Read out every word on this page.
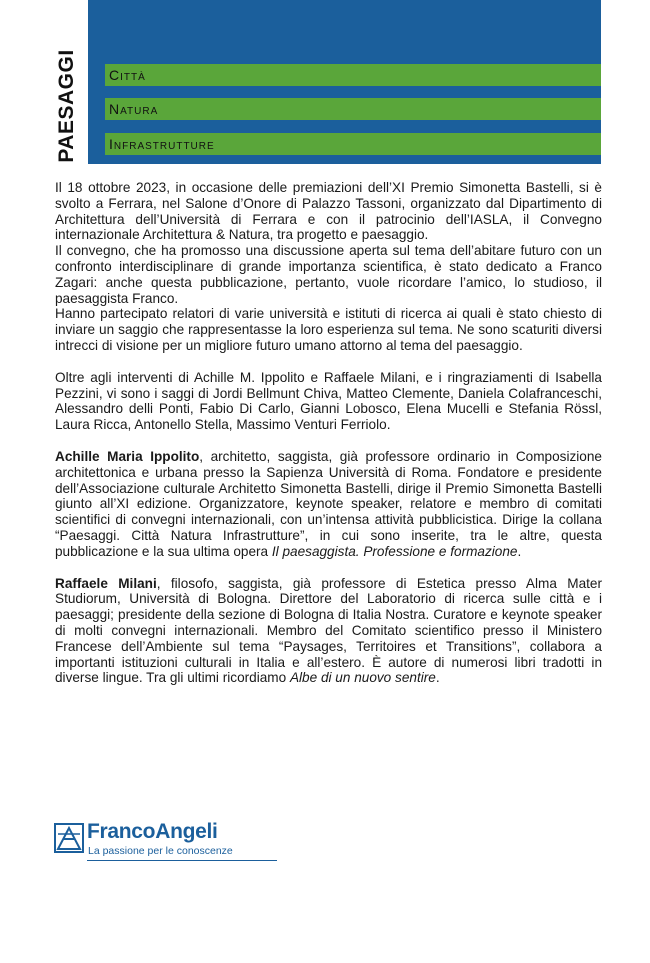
PAESAGGI Città
Natura
Infrastrutture

Il 18 ottobre 2023, in occasione delle premiazioni dell’XI Premio Simonetta Bastelli, si è svolto a Ferrara, nel Salone d’Onore di Palazzo Tassoni, organizzato dal Dipartimento di Architettura dell’Università di Ferrara e con il patrocinio dell’IASLA, il Convegno internazionale Architettura & Natura, tra progetto e paesaggio.

Il convegno, che ha promosso una discussione aperta sul tema dell’abitare futuro con un confronto interdisciplinare di grande importanza scientifica, è stato dedicato a Franco Zagari: anche questa pubblicazione, pertanto, vuole ricordare l’amico, lo studioso, il paesaggista Franco.

Hanno partecipato relatori di varie università e istituti di ricerca ai quali è stato chiesto di inviare un saggio che rappresentasse la loro esperienza sul tema. Ne sono scaturiti diversi intrecci di visione per un migliore futuro umano attorno al tema del paesaggio.

Oltre agli interventi di Achille M. Ippolito e Raffaele Milani, e i ringraziamenti di Isabella Pezzini, vi sono i saggi di Jordi Bellmunt Chiva, Matteo Clemente, Daniela Colafranceschi, Alessandro delli Ponti, Fabio Di Carlo, Gianni Lobosco, Elena Mucelli e Stefania Rössl, Laura Ricca, Antonello Stella, Massimo Venturi Ferriolo.

Achille Maria Ippolito, architetto, saggista, già professore ordinario in Composizione architettonica e urbana presso la Sapienza Università di Roma. Fondatore e presidente dell’Associazione culturale Architetto Simonetta Bastelli, dirige il Premio Simonetta Bastelli giunto all’XI edizione. Organizzatore, keynote speaker, relatore e membro di comitati scientifici di convegni internazionali, con un’intensa attività pubblicistica. Dirige la collana “Paesaggi. Città Natura Infrastrutture”, in cui sono inserite, tra le altre, questa pubblicazione e la sua ultima opera Il paesaggista. Professione e formazione.

Raffaele Milani, filosofo, saggista, già professore di Estetica presso Alma Mater Studiorum, Università di Bologna. Direttore del Laboratorio di ricerca sulle città e i paesaggi; presidente della sezione di Bologna di Italia Nostra. Curatore e keynote speaker di molti convegni internazionali. Membro del Comitato scientifico presso il Ministero Francese dell’Ambiente sul tema “Paysages, Territoires et Transitions”, collabora a importanti istituzioni culturali in Italia e all’estero. È autore di numerosi libri tradotti in diverse lingue. Tra gli ultimi ricordiamo Albe di un nuovo sentire.

FrancoAngeli
La passione per le conoscenze
